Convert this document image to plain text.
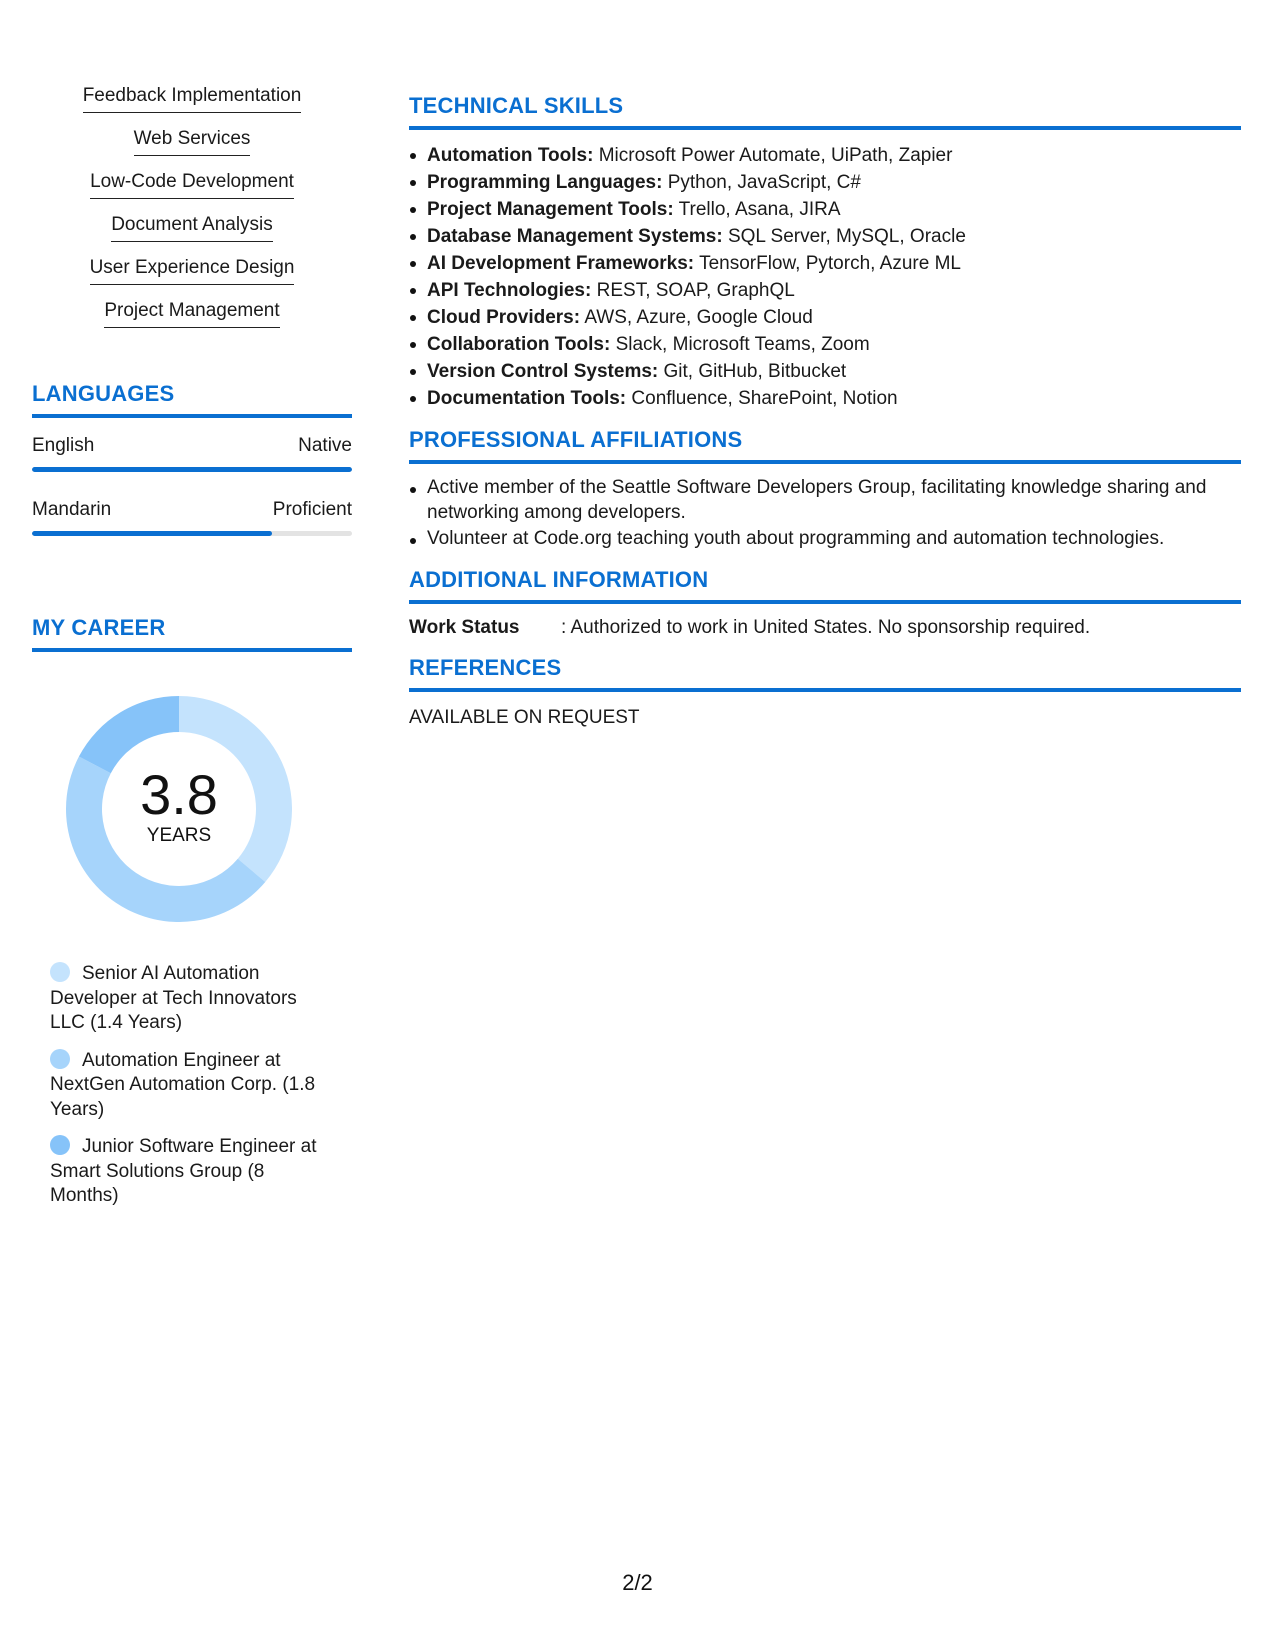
Feedback Implementation
Web Services
Low-Code Development
Document Analysis
User Experience Design
Project Management
LANGUAGES
English	Native
Mandarin	Proficient
MY CAREER
3.8
YEARS
Senior AI Automation Developer at Tech Innovators LLC (1.4 Years)
Automation Engineer at NextGen Automation Corp. (1.8 Years)
Junior Software Engineer at Smart Solutions Group (8 Months)
TECHNICAL SKILLS
Automation Tools: Microsoft Power Automate, UiPath, Zapier
Programming Languages: Python, JavaScript, C#
Project Management Tools: Trello, Asana, JIRA
Database Management Systems: SQL Server, MySQL, Oracle
AI Development Frameworks: TensorFlow, Pytorch, Azure ML
API Technologies: REST, SOAP, GraphQL
Cloud Providers: AWS, Azure, Google Cloud
Collaboration Tools: Slack, Microsoft Teams, Zoom
Version Control Systems: Git, GitHub, Bitbucket
Documentation Tools: Confluence, SharePoint, Notion
PROFESSIONAL AFFILIATIONS
Active member of the Seattle Software Developers Group, facilitating knowledge sharing and networking among developers.
Volunteer at Code.org teaching youth about programming and automation technologies.
ADDITIONAL INFORMATION
Work Status	: Authorized to work in United States. No sponsorship required.
REFERENCES
AVAILABLE ON REQUEST
2/2
